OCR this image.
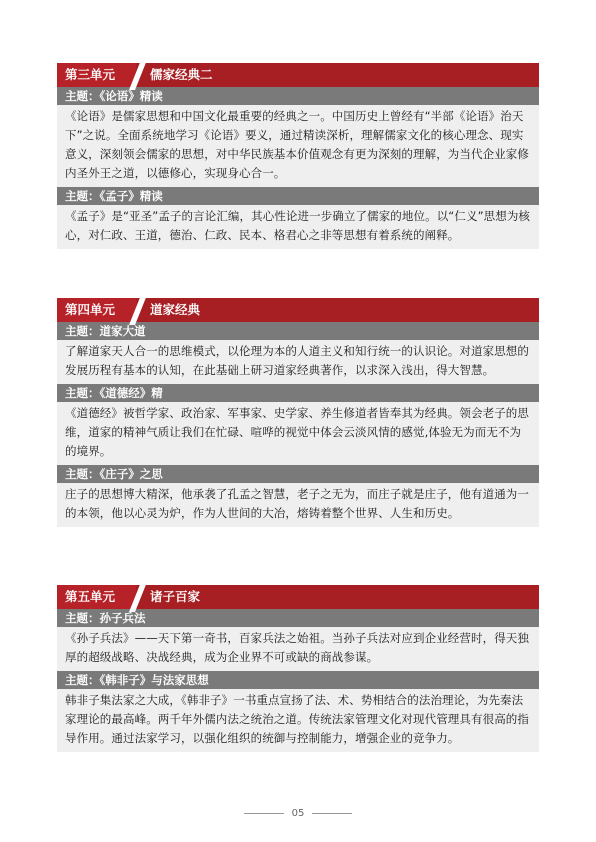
第三单元	儒家经典二
主题：《论语》精读
《论语》是儒家思想和中国文化最重要的经典之一。中国历史上曾经有“半部《论语》治天下”之说。全面系统地学习《论语》要义，通过精读深析，理解儒家文化的核心理念、现实意义，深刻领会儒家的思想，对中华民族基本价值观念有更为深刻的理解，为当代企业家修内圣外王之道，以德修心，实现身心合一。
主题：《孟子》精读
《孟子》是“亚圣”孟子的言论汇编，其心性论进一步确立了儒家的地位。以“仁义”思想为核心，对仁政、王道，德治、仁政、民本、格君心之非等思想有着系统的阐释。
第四单元	道家经典
主题：道家大道
了解道家天人合一的思维模式，以伦理为本的人道主义和知行统一的认识论。对道家思想的发展历程有基本的认知，在此基础上研习道家经典著作，以求深入浅出，得大智慧。
主题：《道德经》精
《道德经》被哲学家、政治家、军事家、史学家、养生修道者皆奉其为经典。领会老子的思维，道家的精神气质让我们在忙碌、喧哗的视觉中体会云淡风情的感觉,体验无为而无不为的境界。
主题：《庄子》之思
庄子的思想博大精深，他承袭了孔孟之智慧，老子之无为，而庄子就是庄子，他有道通为一的本领，他以心灵为炉，作为人世间的大冶，熔铸着整个世界、人生和历史。
第五单元	诸子百家
主题：孙子兵法
《孙子兵法》——天下第一奇书，百家兵法之始祖。当孙子兵法对应到企业经营时，得天独厚的超级战略、决战经典，成为企业界不可或缺的商战参谋。
主题：《韩非子》与法家思想
韩非子集法家之大成，《韩非子》一书重点宣扬了法、术、势相结合的法治理论，为先秦法家理论的最高峰。两千年外儒内法之统治之道。传统法家管理文化对现代管理具有很高的指导作用。通过法家学习，以强化组织的统御与控制能力，增强企业的竞争力。
05
